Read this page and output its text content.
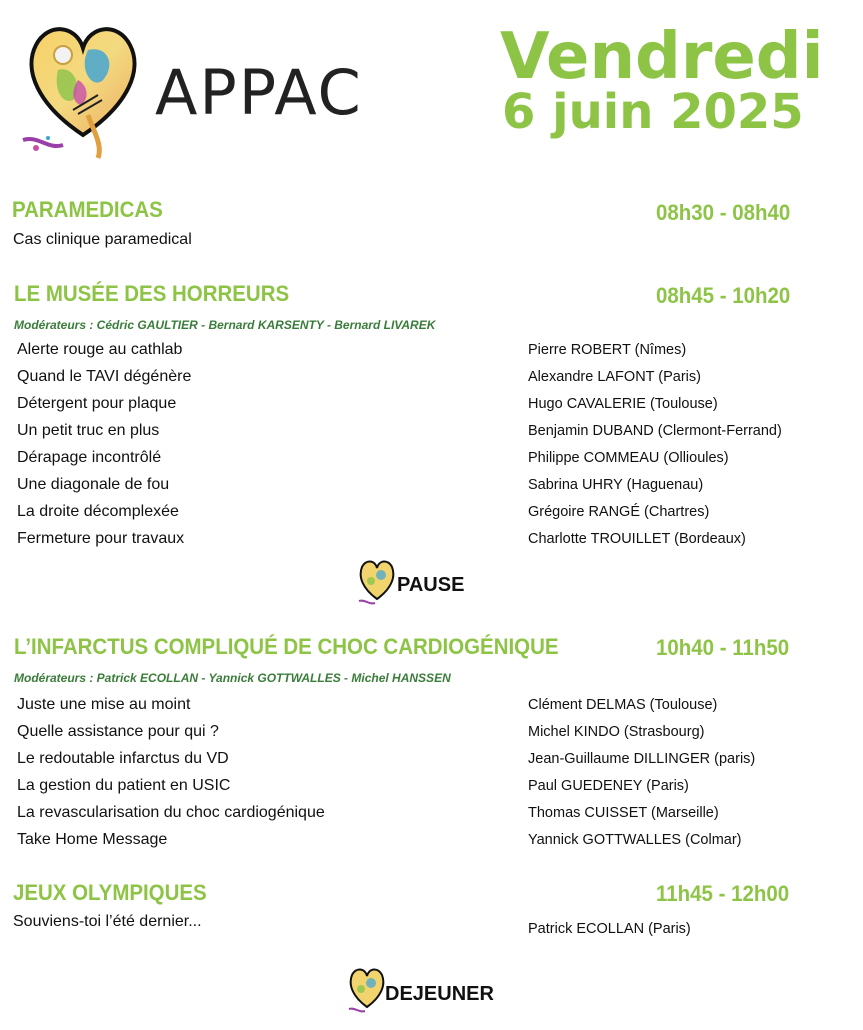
APPAC Vendredi
6 juin 2025
PARAMEDICAS	08h30 - 08h40
Cas clinique paramedical
LE MUSÉE DES HORREURS	08h45 - 10h20
Modérateurs : Cédric GAULTIER - Bernard KARSENTY - Bernard LIVAREK
Alerte rouge au cathlab	Pierre ROBERT (Nîmes)
Quand le TAVI dégénère	Alexandre LAFONT (Paris)
Détergent pour plaque	Hugo CAVALERIE (Toulouse)
Un petit truc en plus	Benjamin DUBAND (Clermont-Ferrand)
Dérapage incontrôlé	Philippe COMMEAU (Ollioules)
Une diagonale de fou	Sabrina UHRY (Haguenau)
La droite décomplexée	Grégoire RANGÉ (Chartres)
Fermeture pour travaux	Charlotte TROUILLET (Bordeaux)
PAUSE
L’INFARCTUS COMPLIQUÉ DE CHOC CARDIOGÉNIQUE	10h40 - 11h50
Modérateurs : Patrick ECOLLAN - Yannick GOTTWALLES - Michel HANSSEN
Juste une mise au moint	Clément DELMAS (Toulouse)
Quelle assistance pour qui ?	Michel KINDO (Strasbourg)
Le redoutable infarctus du VD	Jean-Guillaume DILLINGER (paris)
La gestion du patient en USIC	Paul GUEDENEY (Paris)
La revascularisation du choc cardiogénique	Thomas CUISSET (Marseille)
Take Home Message	Yannick GOTTWALLES (Colmar)
JEUX OLYMPIQUES	11h45 - 12h00
Souviens-toi l’été dernier...	Patrick ECOLLAN (Paris)
DEJEUNER
